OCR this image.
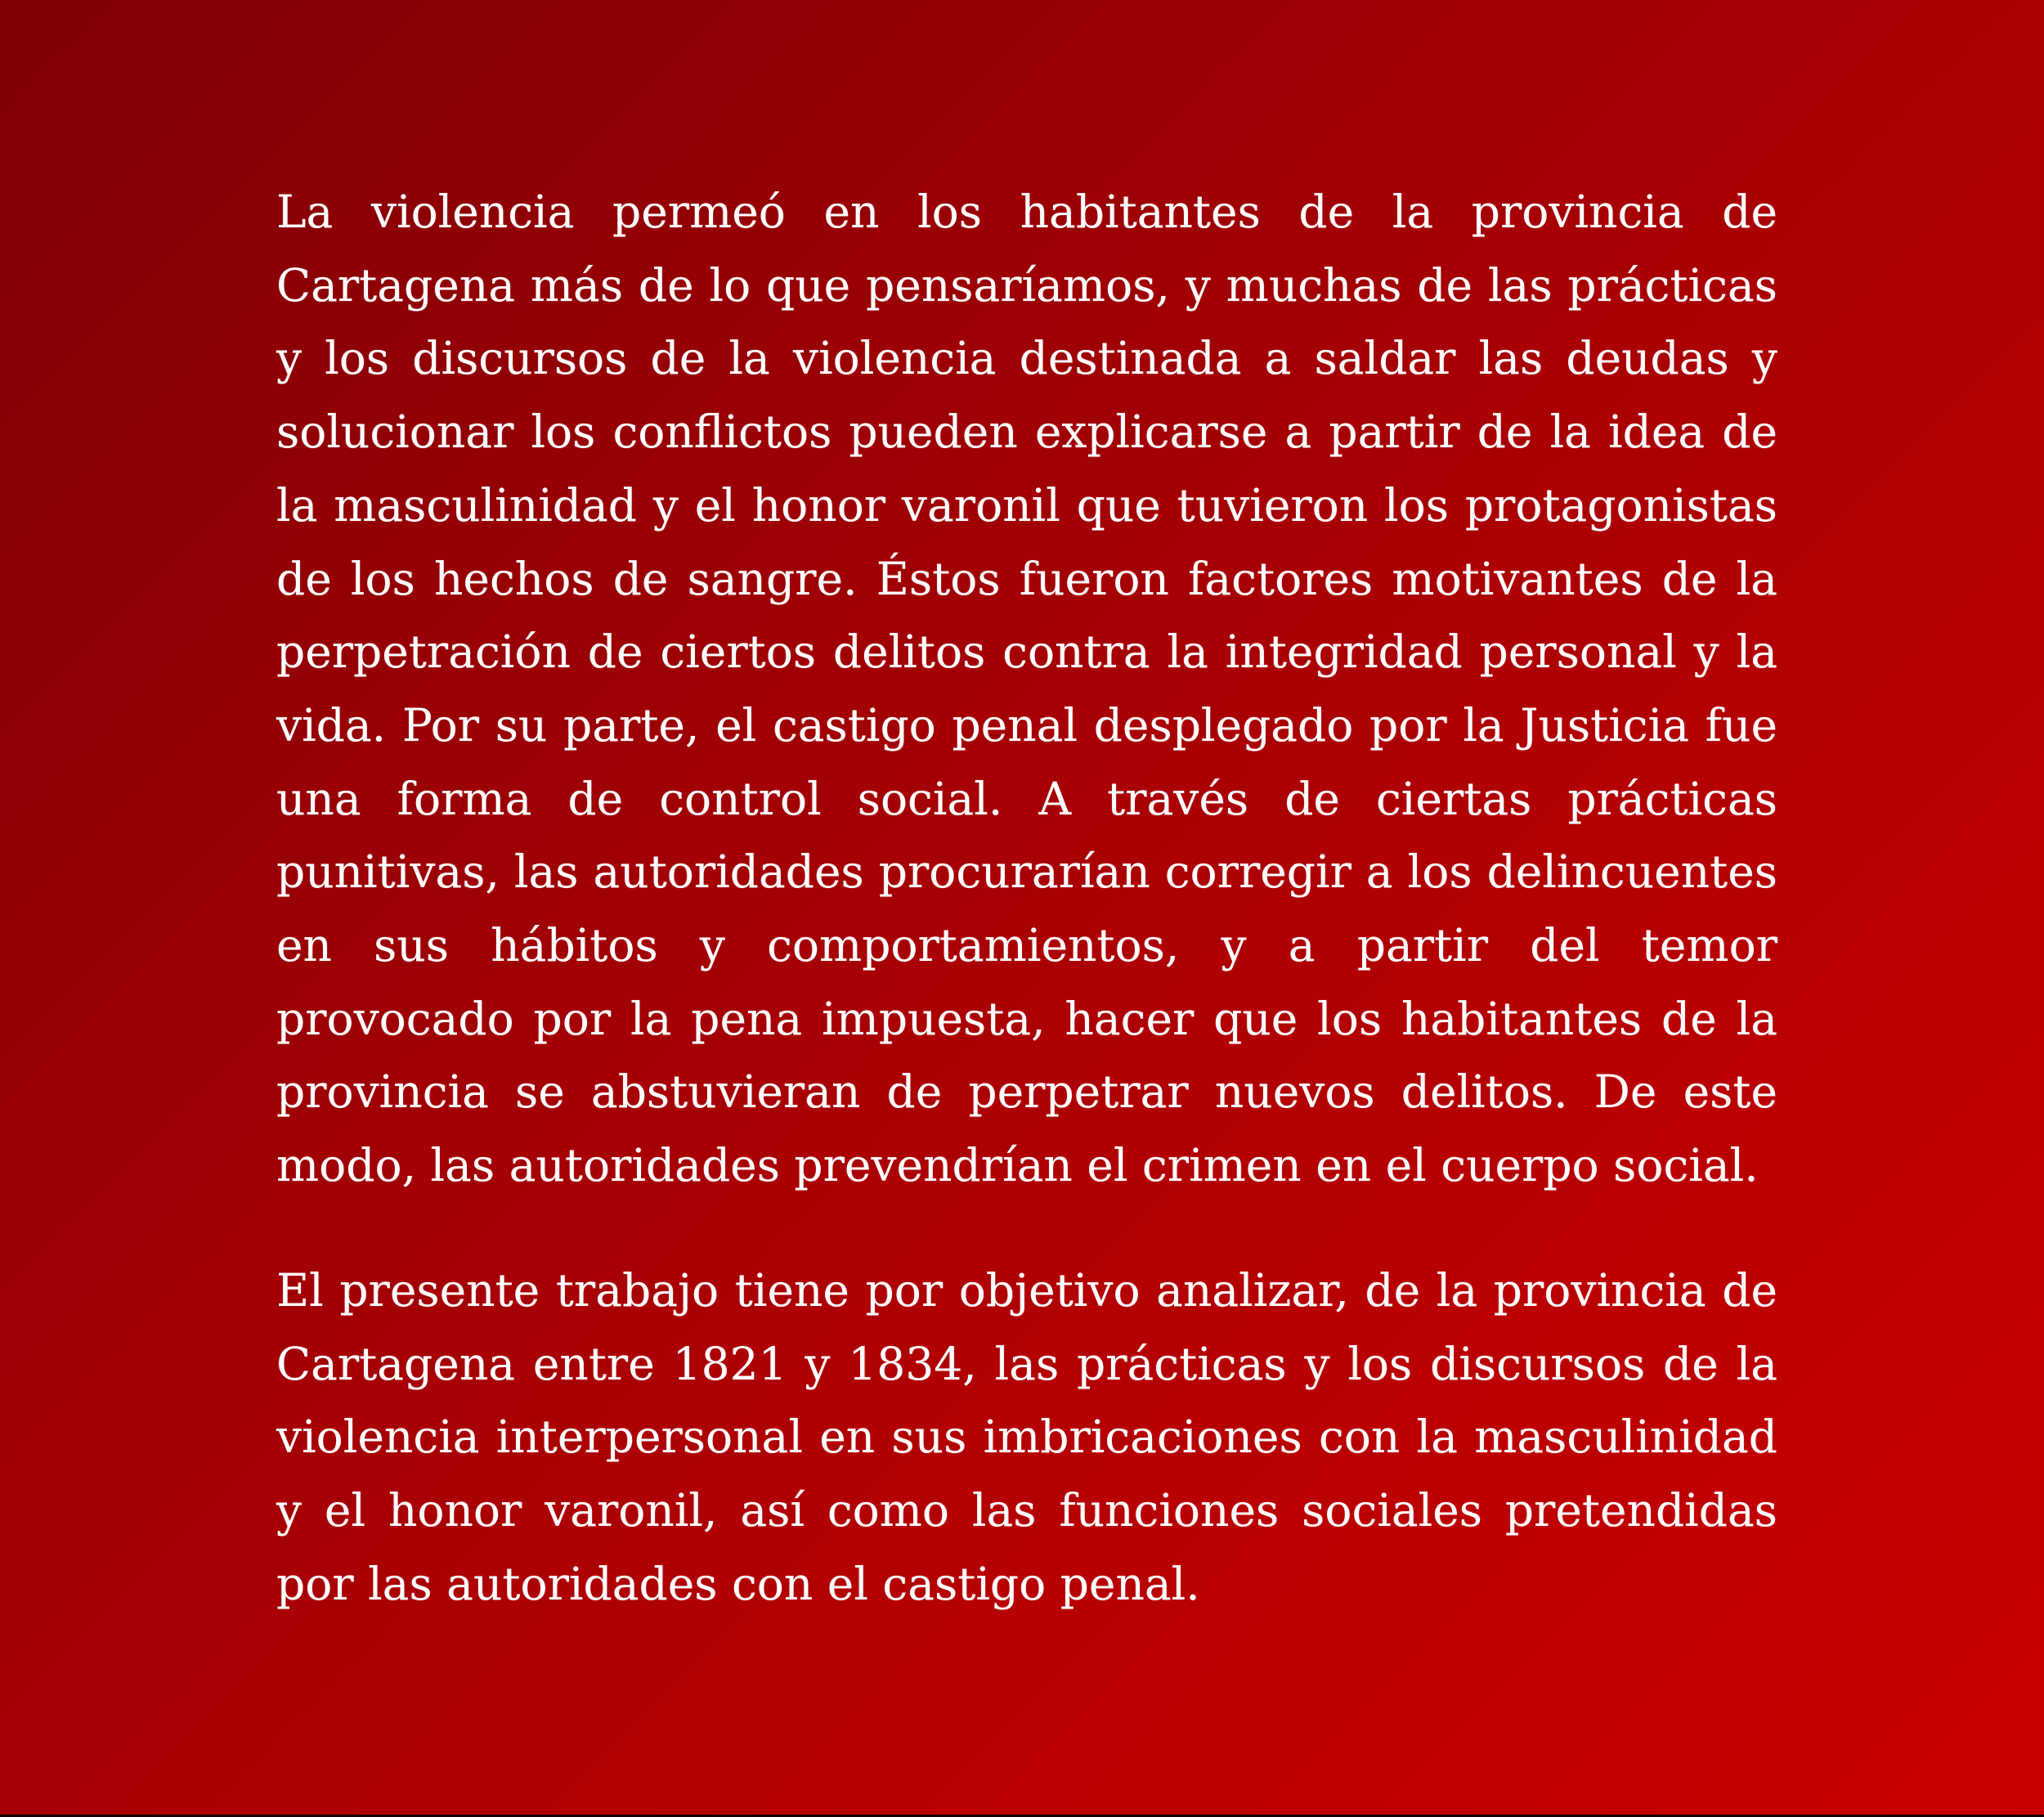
La violencia permeó en los habitantes de la provincia de Cartagena más de lo que pensaríamos, y muchas de las prácticas y los discursos de la violencia destinada a saldar las deudas y solucionar los conflictos pueden explicarse a partir de la idea de la masculinidad y el honor varonil que tuvieron los protagonistas de los hechos de sangre. Éstos fueron factores motivantes de la perpetración de ciertos delitos contra la integridad personal y la vida. Por su parte, el castigo penal desplegado por la Justicia fue una forma de control social. A través de ciertas prácticas punitivas, las autoridades procurarían corregir a los delincuentes en sus hábitos y comportamientos, y a partir del temor provocado por la pena impuesta, hacer que los habitantes de la provincia se abstuvieran de perpetrar nuevos delitos. De este modo, las autoridades prevendrían el crimen en el cuerpo social.

El presente trabajo tiene por objetivo analizar, de la provincia de Cartagena entre 1821 y 1834, las prácticas y los discursos de la violencia interpersonal en sus imbricaciones con la masculinidad y el honor varonil, así como las funciones sociales pretendidas por las autoridades con el castigo penal.
